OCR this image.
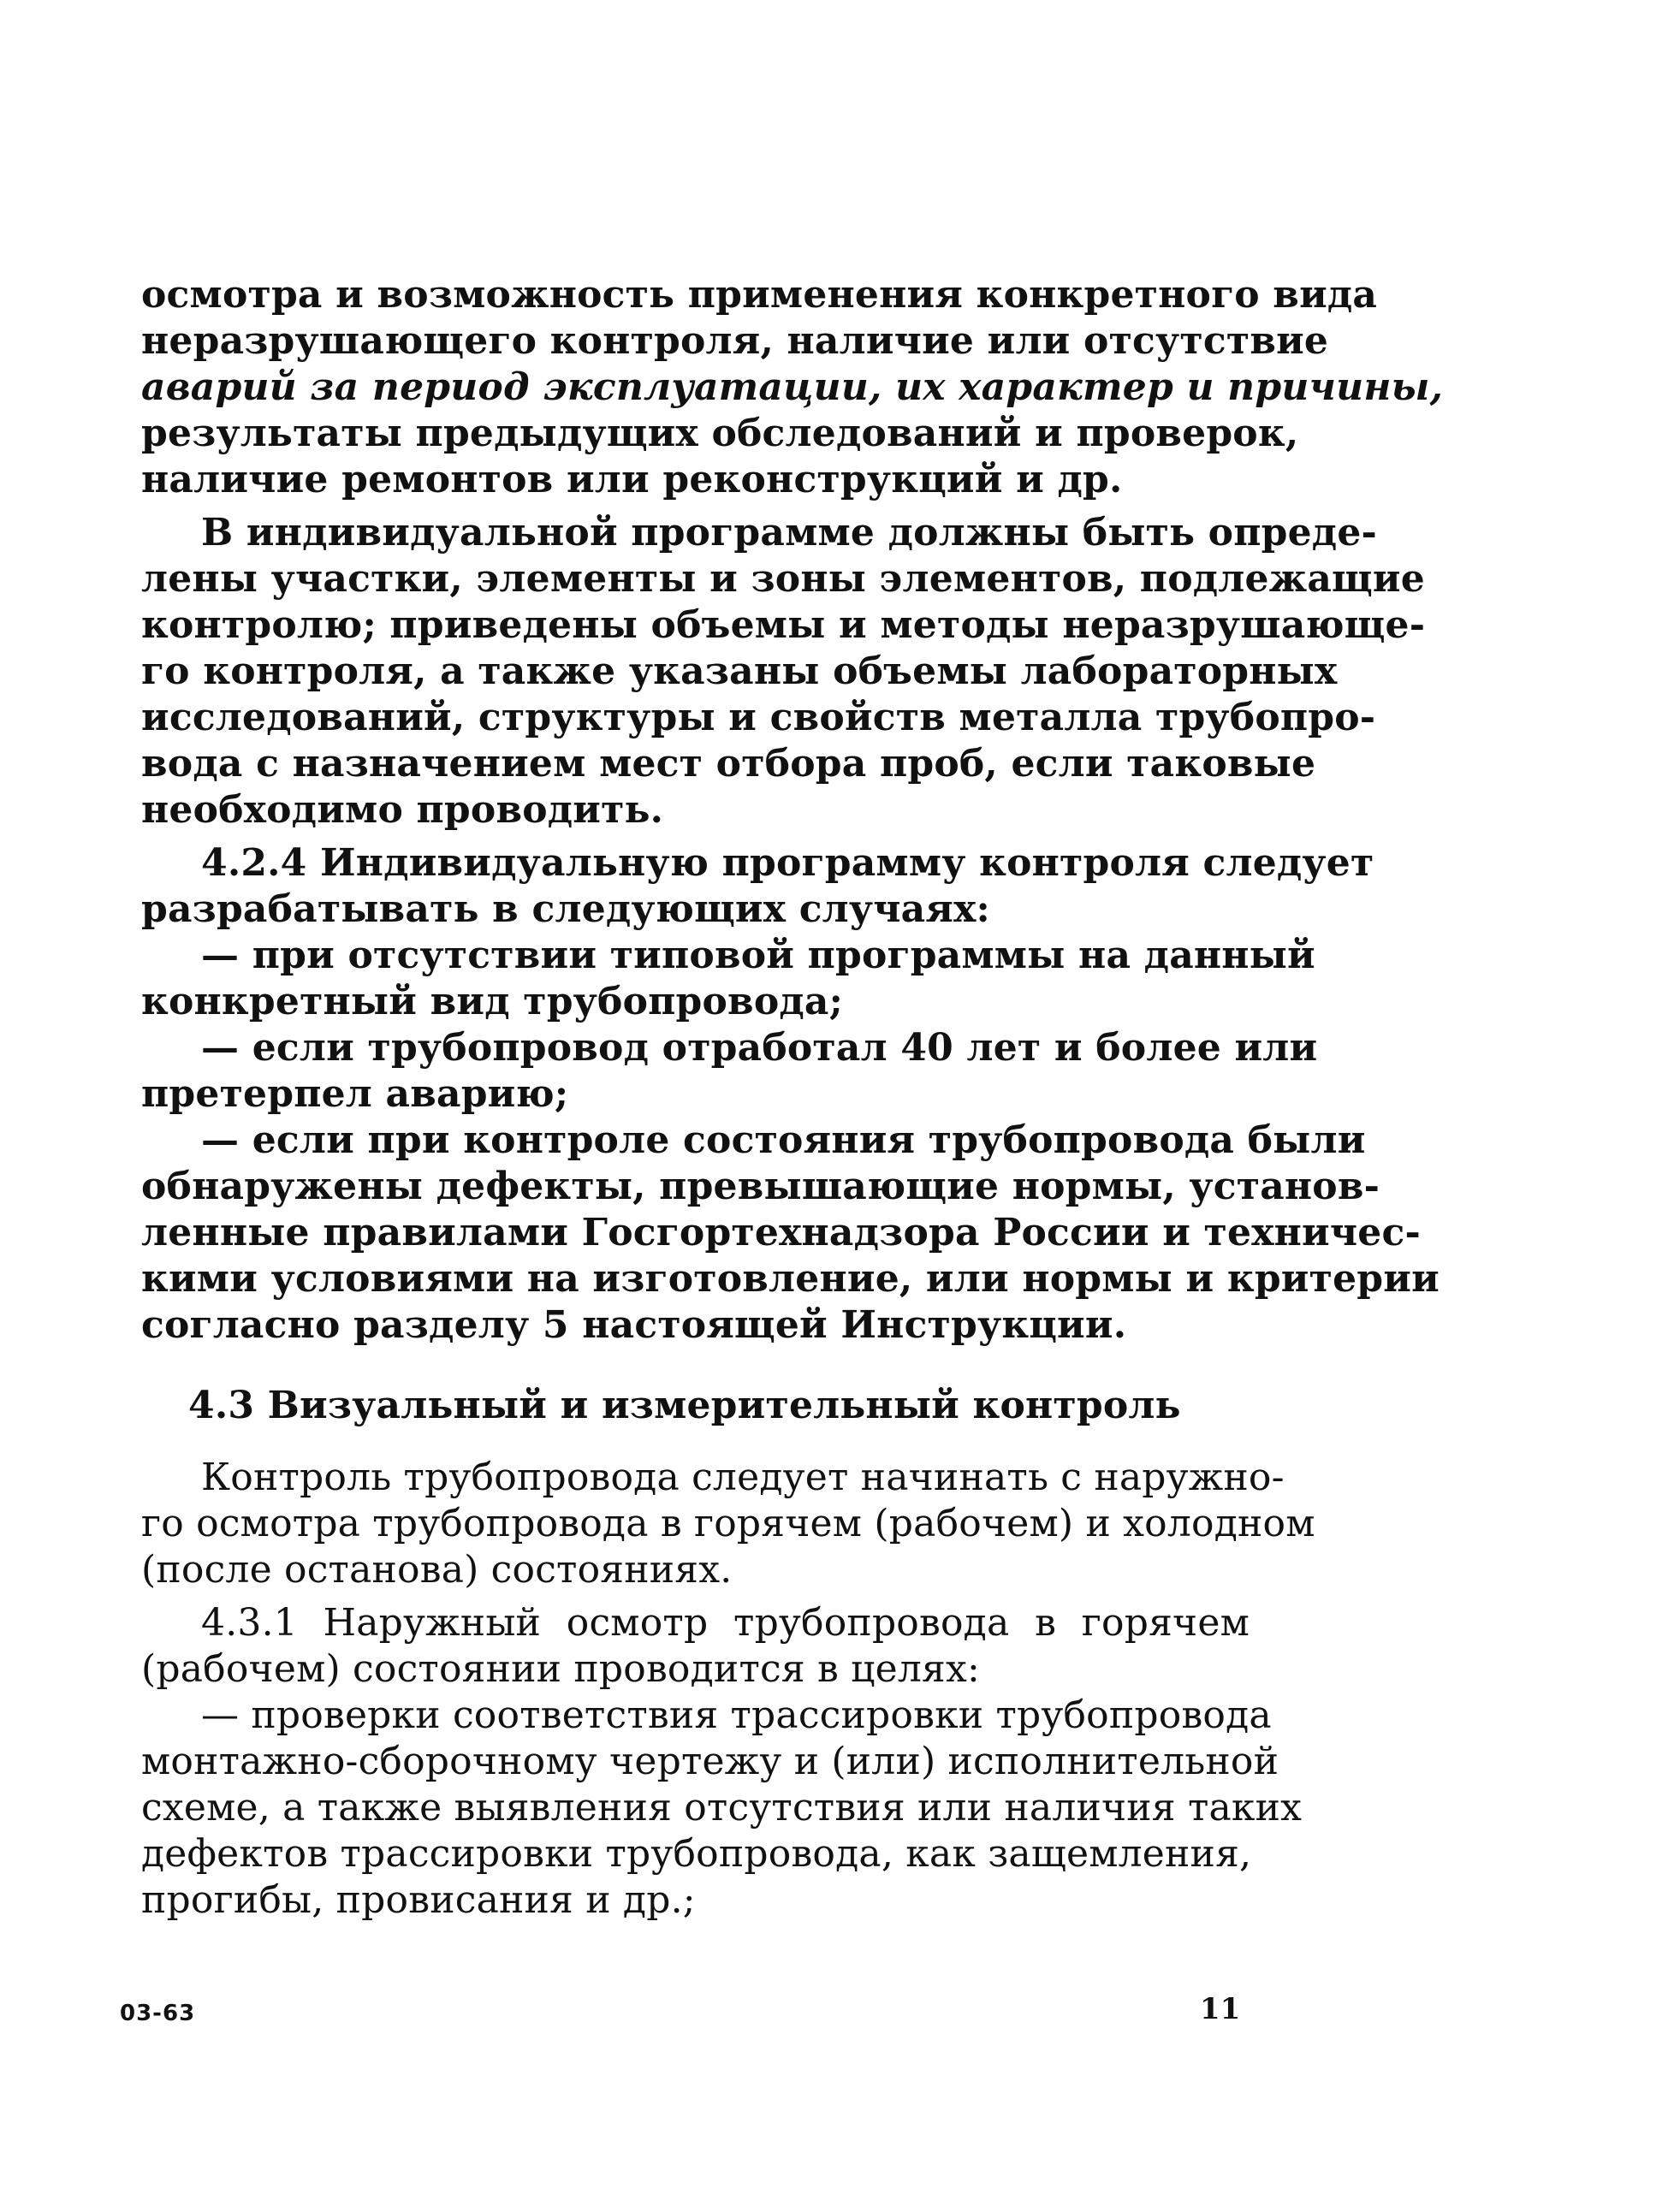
осмотра и возможность применения конкретного вида
неразрушающего контроля, наличие или отсутствие
аварий за период эксплуатации, их характер и причины,
результаты предыдущих обследований и проверок,
наличие ремонтов или реконструкций и др.
В индивидуальной программе должны быть опреде-
лены участки, элементы и зоны элементов, подлежащие
контролю; приведены объемы и методы неразрушающе-
го контроля, а также указаны объемы лабораторных
исследований, структуры и свойств металла трубопро-
вода с назначением мест отбора проб, если таковые
необходимо проводить.
4.2.4 Индивидуальную программу контроля следует
разрабатывать в следующих случаях:
— при отсутствии типовой программы на данный
конкретный вид трубопровода;
— если трубопровод отработал 40 лет и более или
претерпел аварию;
— если при контроле состояния трубопровода были
обнаружены дефекты, превышающие нормы, установ-
ленные правилами Госгортехнадзора России и техничес-
кими условиями на изготовление, или нормы и критерии
согласно разделу 5 настоящей Инструкции.
4.3 Визуальный и измерительный контроль
Контроль трубопровода следует начинать с наружно-
го осмотра трубопровода в горячем (рабочем) и холодном
(после останова) состояниях.
4.3.1 Наружный осмотр трубопровода в горячем
(рабочем) состоянии проводится в целях:
— проверки соответствия трассировки трубопровода
монтажно-сборочному чертежу и (или) исполнительной
схеме, а также выявления отсутствия или наличия таких
дефектов трассировки трубопровода, как защемления,
прогибы, провисания и др.;
03-63	11
